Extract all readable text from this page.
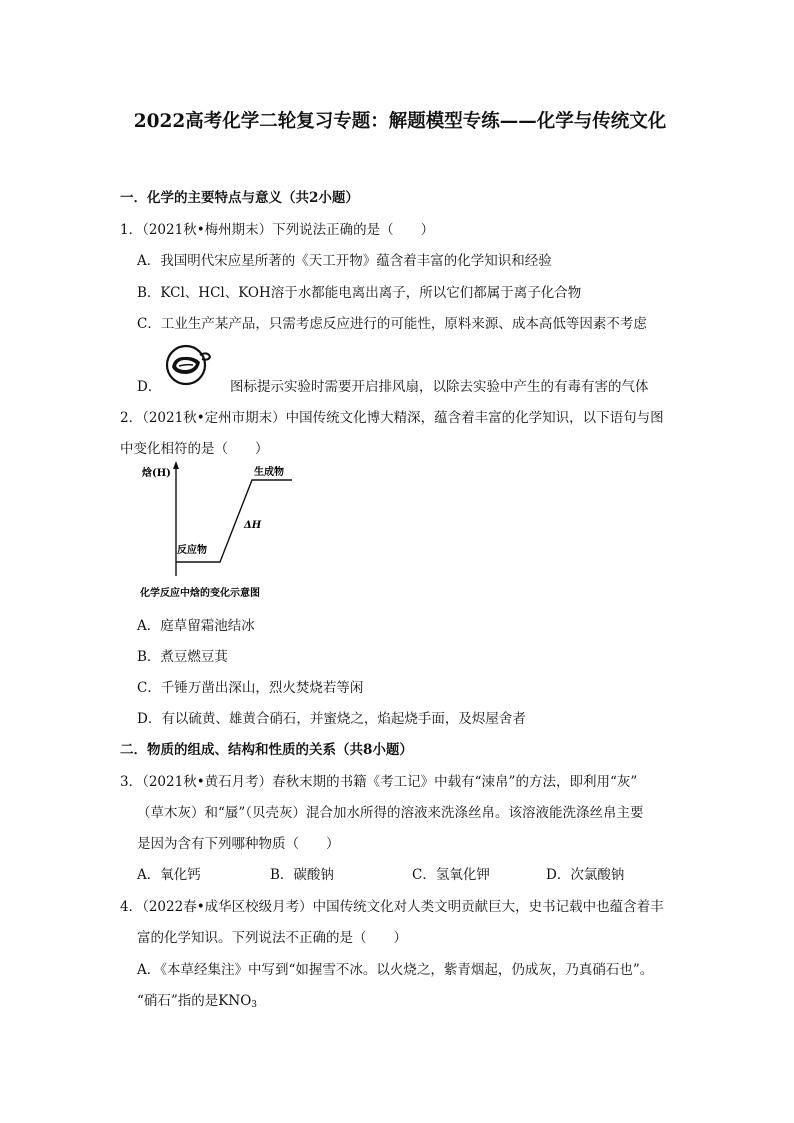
2022高考化学二轮复习专题：解题模型专练——化学与传统文化
一．化学的主要特点与意义（共2小题）
1．（2021秋•梅州期末）下列说法正确的是（　　）
A．我国明代宋应星所著的《天工开物》蕴含着丰富的化学知识和经验
B．KCl、HCl、KOH溶于水都能电离出离子，所以它们都属于离子化合物
C．工业生产某产品，只需考虑反应进行的可能性，原料来源、成本高低等因素不考虑
D．	图标提示实验时需要开启排风扇，以除去实验中产生的有毒有害的气体
2．（2021秋•定州市期末）中国传统文化博大精深，蕴含着丰富的化学知识，以下语句与图
中变化相符的是（　　）
焓(H)
反应物
生成物
ΔH
化学反应中焓的变化示意图
A．庭草留霜池结冰
B．煮豆燃豆萁
C．千锤万凿出深山，烈火焚烧若等闲
D．有以硫黄、雄黄合硝石，并蜜烧之，焰起烧手面，及烬屋舍者
二．物质的组成、结构和性质的关系（共8小题）
3．（2021秋•黄石月考）春秋末期的书籍《考工记》中载有“涑帛”的方法，即利用“灰”
（草木灰）和“蜃”（贝壳灰）混合加水所得的溶液来洗涤丝帛。该溶液能洗涤丝帛主要
是因为含有下列哪种物质（　　）
A．氧化钙	B．碳酸钠	C．氢氧化钾	D．次氯酸钠
4．（2022春•成华区校级月考）中国传统文化对人类文明贡献巨大，史书记载中也蕴含着丰
富的化学知识。下列说法不正确的是（　　）
A．《本草经集注》中写到“如握雪不冰。以火烧之，紫青烟起，仍成灰，乃真硝石也”。
“硝石”指的是$KNO_3$
